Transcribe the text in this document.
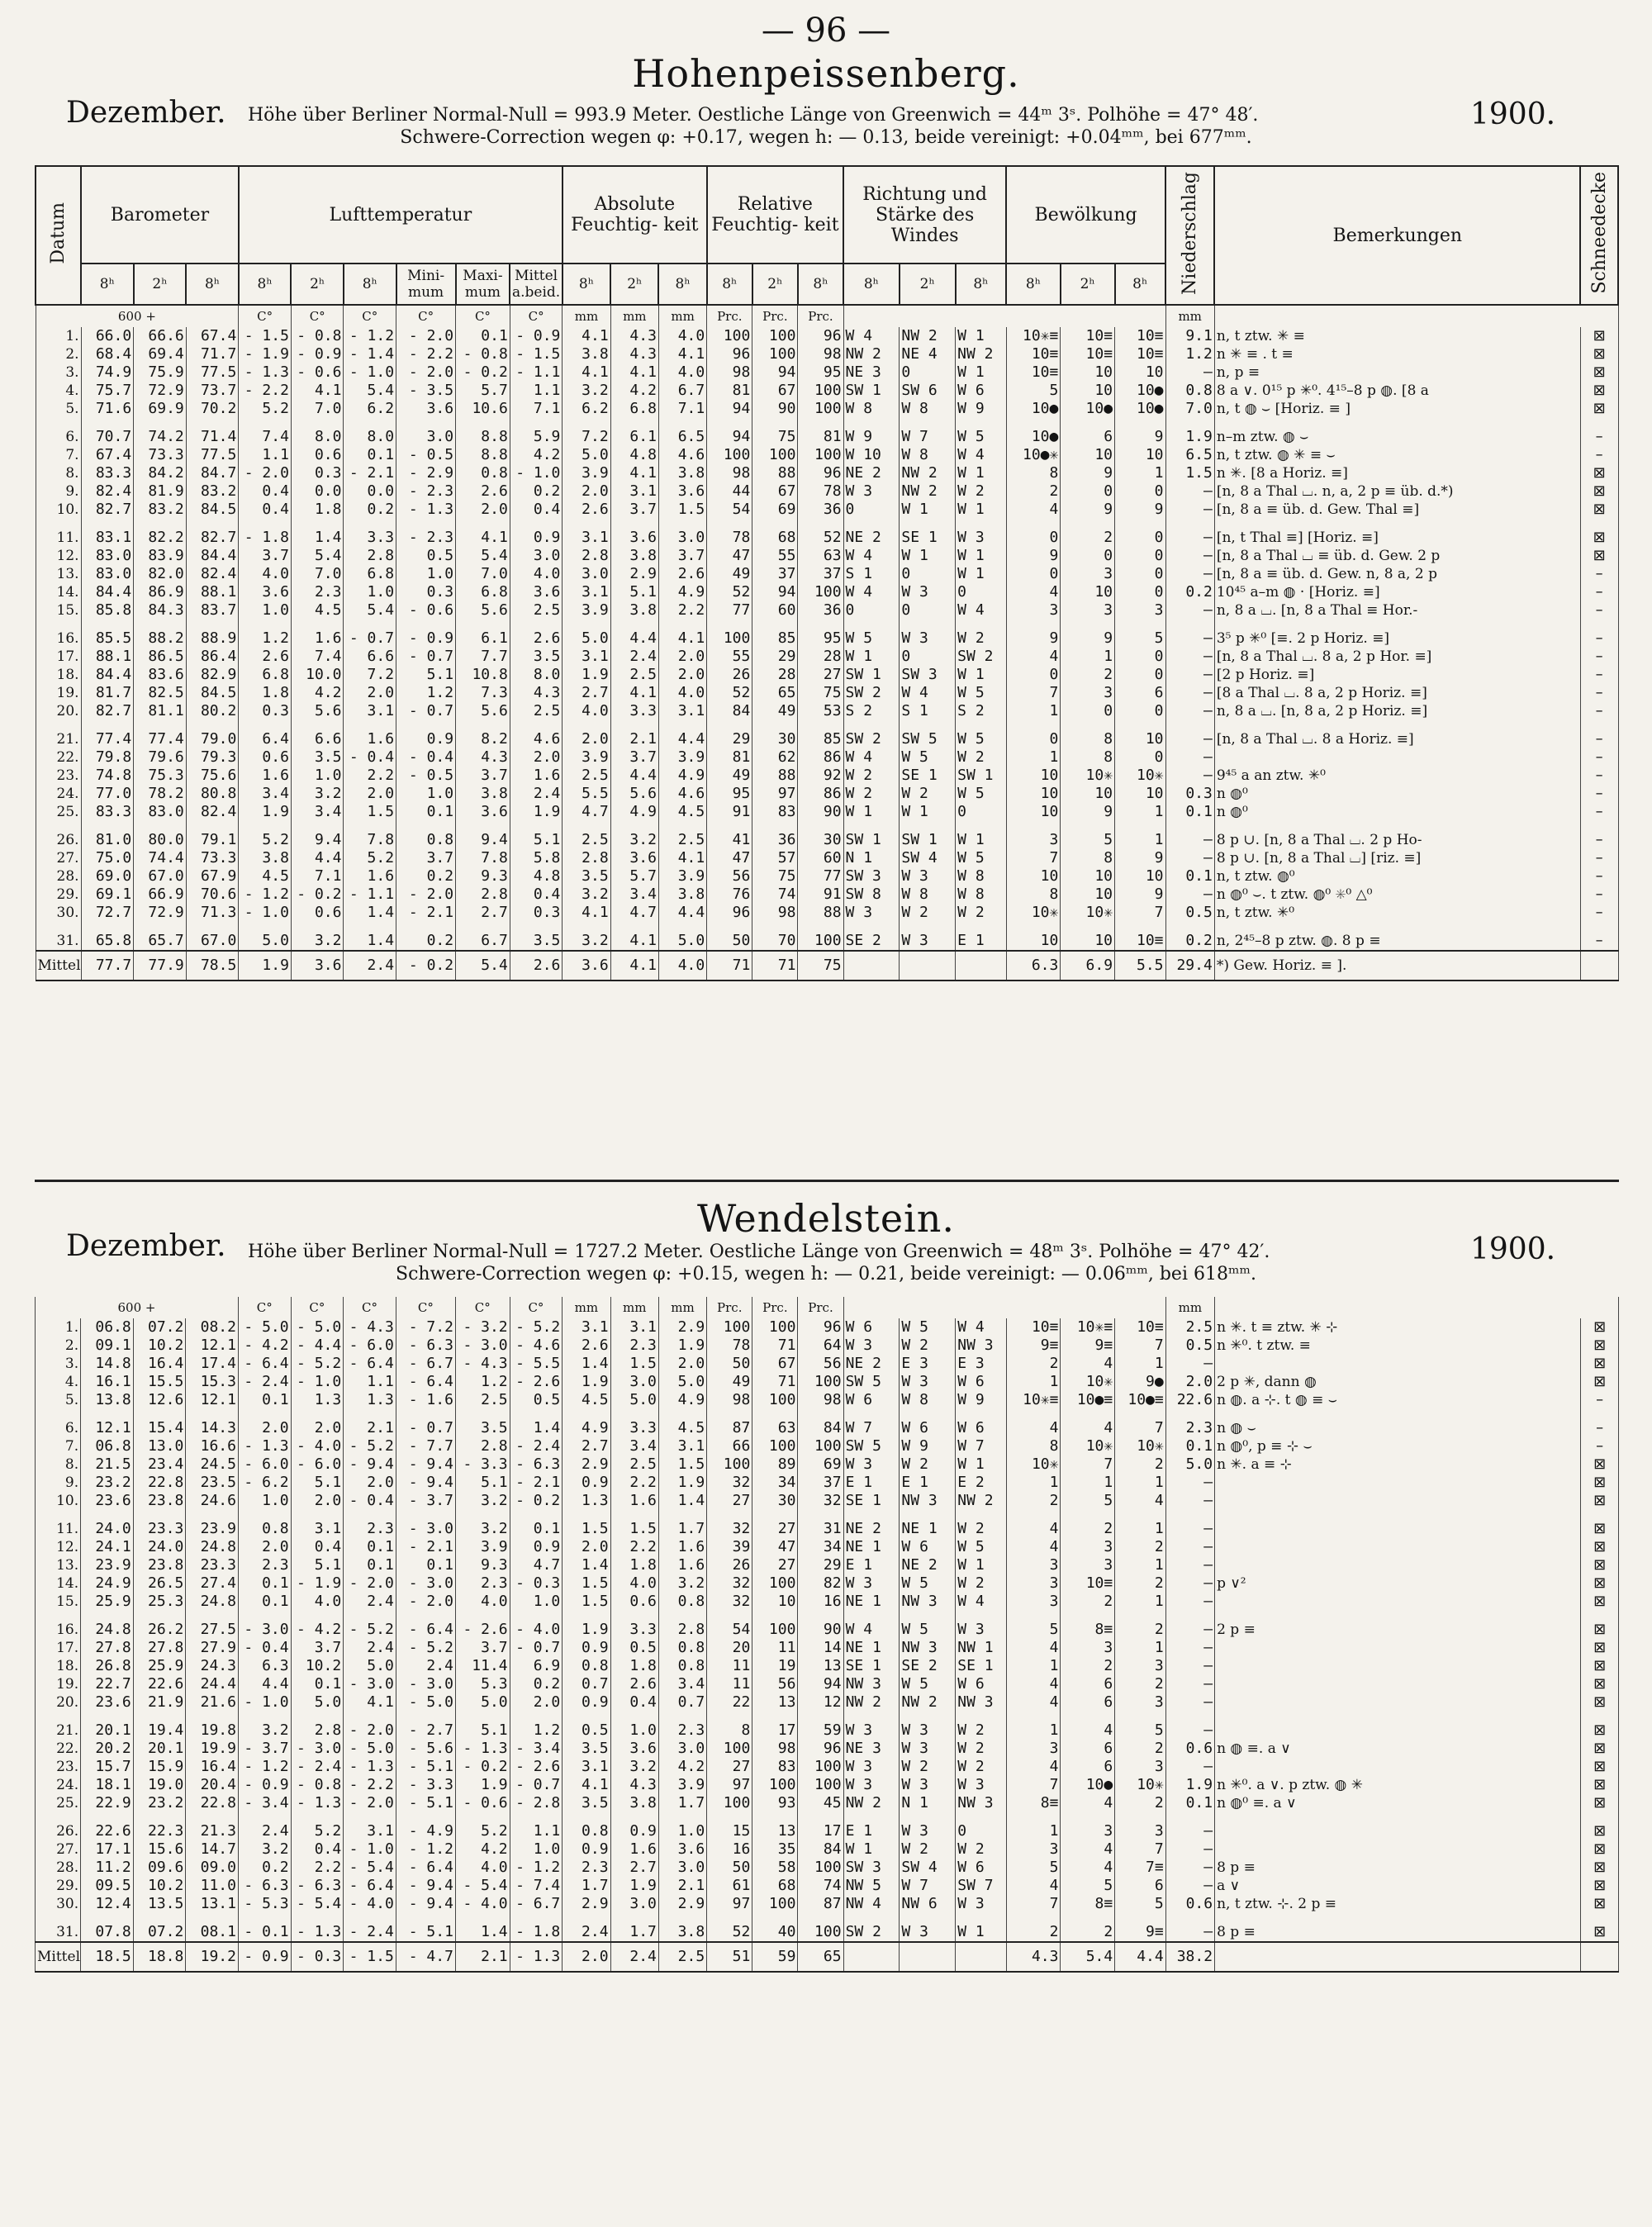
— 96 —
Hohenpeissenberg.
Dezember.	1900.
Höhe über Berliner Normal-Null = 993.9 Meter. Oestliche Länge von Greenwich = 44ᵐ 3ˢ. Polhöhe = 47° 48′.
Schwere-Correction wegen φ: +0.17, wegen h: — 0.13, beide vereinigt: +0.04ᵐᵐ, bei 677ᵐᵐ.
Datum	Barometer			Lufttemperatur						Absolute Feuchtig- keit			Relative Feuchtig- keit			Richtung und Stärke des Windes			Bewölkung			Niederschlag	Bemerkungen	Schneedecke
	8ʰ	2ʰ	8ʰ	8ʰ	2ʰ	8ʰ	Mini- mum	Maxi- mum	Mittel a.beid.	8ʰ	2ʰ	8ʰ	8ʰ	2ʰ	8ʰ	8ʰ	2ʰ	8ʰ	8ʰ	2ʰ	8ʰ			
600 +				C°	C°	C°	C°	C°	C°	mm	mm	mm	Prc.	Prc.	Prc.							mm		
1.	66.0	66.6	67.4	- 1.5	- 0.8	- 1.2	- 2.0	0.1	- 0.9	4.1	4.3	4.0	100	100	96	W 4	NW 2	W 1	10✳≡	10≡	10≡	9.1	n, t ztw. ✳ ≡	⊠
2.	68.4	69.4	71.7	- 1.9	- 0.9	- 1.4	- 2.2	- 0.8	- 1.5	3.8	4.3	4.1	96	100	98	NW 2	NE 4	NW 2	10≡	10≡	10≡	1.2	n ✳ ≡ . t ≡	⊠
3.	74.9	75.9	77.5	- 1.3	- 0.6	- 1.0	- 2.0	- 0.2	- 1.1	4.1	4.1	4.0	98	94	95	NE 3	0	W 1	10≡	10	10	–	n, p ≡	⊠
4.	75.7	72.9	73.7	- 2.2	4.1	5.4	- 3.5	5.7	1.1	3.2	4.2	6.7	81	67	100	SW 1	SW 6	W 6	5	10	10●	0.8	8 a ∨. 0¹⁵ p ✳⁰. 4¹⁵–8 p ◍. [8 a	⊠
5.	71.6	69.9	70.2	5.2	7.0	6.2	3.6	10.6	7.1	6.2	6.8	7.1	94	90	100	W 8	W 8	W 9	10●	10●	10●	7.0	n, t ◍ ⌣ [Horiz. ≡ ]	⊠

6.	70.7	74.2	71.4	7.4	8.0	8.0	3.0	8.8	5.9	7.2	6.1	6.5	94	75	81	W 9	W 7	W 5	10●	6	9	1.9	n–m ztw. ◍ ⌣	–
7.	67.4	73.3	77.5	1.1	0.6	0.1	- 0.5	8.8	4.2	5.0	4.8	4.6	100	100	100	W 10	W 8	W 4	10●✳	10	10	6.5	n, t ztw. ◍ ✳ ≡ ⌣	–
8.	83.3	84.2	84.7	- 2.0	0.3	- 2.1	- 2.9	0.8	- 1.0	3.9	4.1	3.8	98	88	96	NE 2	NW 2	W 1	8	9	1	1.5	n ✳. [8 a Horiz. ≡]	⊠
9.	82.4	81.9	83.2	0.4	0.0	0.0	- 2.3	2.6	0.2	2.0	3.1	3.6	44	67	78	W 3	NW 2	W 2	2	0	0	–	[n, 8 a Thal ⌴. n, a, 2 p ≡ üb. d.*)	⊠
10.	82.7	83.2	84.5	0.4	1.8	0.2	- 1.3	2.0	0.4	2.6	3.7	1.5	54	69	36	0	W 1	W 1	4	9	9	–	[n, 8 a ≡ üb. d. Gew. Thal ≡]	⊠

11.	83.1	82.2	82.7	- 1.8	1.4	3.3	- 2.3	4.1	0.9	3.1	3.6	3.0	78	68	52	NE 2	SE 1	W 3	0	2	0	–	[n, t Thal ≡] [Horiz. ≡]	⊠
12.	83.0	83.9	84.4	3.7	5.4	2.8	0.5	5.4	3.0	2.8	3.8	3.7	47	55	63	W 4	W 1	W 1	9	0	0	–	[n, 8 a Thal ⌴ ≡ üb. d. Gew. 2 p	⊠
13.	83.0	82.0	82.4	4.0	7.0	6.8	1.0	7.0	4.0	3.0	2.9	2.6	49	37	37	S 1	0	W 1	0	3	0	–	[n, 8 a ≡ üb. d. Gew. n, 8 a, 2 p	–
14.	84.4	86.9	88.1	3.6	2.3	1.0	0.3	6.8	3.6	3.1	5.1	4.9	52	94	100	W 4	W 3	0	4	10	0	0.2	10⁴⁵ a–m ◍ · [Horiz. ≡]	–
15.	85.8	84.3	83.7	1.0	4.5	5.4	- 0.6	5.6	2.5	3.9	3.8	2.2	77	60	36	0	0	W 4	3	3	3	–	n, 8 a ⌴. [n, 8 a Thal ≡ Hor.-	–

16.	85.5	88.2	88.9	1.2	1.6	- 0.7	- 0.9	6.1	2.6	5.0	4.4	4.1	100	85	95	W 5	W 3	W 2	9	9	5	–	3⁵ p ✳⁰ [≡. 2 p Horiz. ≡]	–
17.	88.1	86.5	86.4	2.6	7.4	6.6	- 0.7	7.7	3.5	3.1	2.4	2.0	55	29	28	W 1	0	SW 2	4	1	0	–	[n, 8 a Thal ⌴. 8 a, 2 p Hor. ≡]	–
18.	84.4	83.6	82.9	6.8	10.0	7.2	5.1	10.8	8.0	1.9	2.5	2.0	26	28	27	SW 1	SW 3	W 1	0	2	0	–	[2 p Horiz. ≡]	–
19.	81.7	82.5	84.5	1.8	4.2	2.0	1.2	7.3	4.3	2.7	4.1	4.0	52	65	75	SW 2	W 4	W 5	7	3	6	–	[8 a Thal ⌴. 8 a, 2 p Horiz. ≡]	–
20.	82.7	81.1	80.2	0.3	5.6	3.1	- 0.7	5.6	2.5	4.0	3.3	3.1	84	49	53	S 2	S 1	S 2	1	0	0	–	n, 8 a ⌴. [n, 8 a, 2 p Horiz. ≡]	–

21.	77.4	77.4	79.0	6.4	6.6	1.6	0.9	8.2	4.6	2.0	2.1	4.4	29	30	85	SW 2	SW 5	W 5	0	8	10	–	[n, 8 a Thal ⌴. 8 a Horiz. ≡]	–
22.	79.8	79.6	79.3	0.6	3.5	- 0.4	- 0.4	4.3	2.0	3.9	3.7	3.9	81	62	86	W 4	W 5	W 2	1	8	0	–		–
23.	74.8	75.3	75.6	1.6	1.0	2.2	- 0.5	3.7	1.6	2.5	4.4	4.9	49	88	92	W 2	SE 1	SW 1	10	10✳	10✳	–	9⁴⁵ a an ztw. ✳⁰	–
24.	77.0	78.2	80.8	3.4	3.2	2.0	1.0	3.8	2.4	5.5	5.6	4.6	95	97	86	W 2	W 2	W 5	10	10	10	0.3	n ◍⁰	–
25.	83.3	83.0	82.4	1.9	3.4	1.5	0.1	3.6	1.9	4.7	4.9	4.5	91	83	90	W 1	W 1	0	10	9	1	0.1	n ◍⁰	–

26.	81.0	80.0	79.1	5.2	9.4	7.8	0.8	9.4	5.1	2.5	3.2	2.5	41	36	30	SW 1	SW 1	W 1	3	5	1	–	8 p ∪. [n, 8 a Thal ⌴. 2 p Ho-	–
27.	75.0	74.4	73.3	3.8	4.4	5.2	3.7	7.8	5.8	2.8	3.6	4.1	47	57	60	N 1	SW 4	W 5	7	8	9	–	8 p ∪. [n, 8 a Thal ⌴] [riz. ≡]	–
28.	69.0	67.0	67.9	4.5	7.1	1.6	0.2	9.3	4.8	3.5	5.7	3.9	56	75	77	SW 3	W 3	W 8	10	10	10	0.1	n, t ztw. ◍⁰	–
29.	69.1	66.9	70.6	- 1.2	- 0.2	- 1.1	- 2.0	2.8	0.4	3.2	3.4	3.8	76	74	91	SW 8	W 8	W 8	8	10	9	–	n ◍⁰ ⌣. t ztw. ◍⁰ ✳⁰ △⁰	–
30.	72.7	72.9	71.3	- 1.0	0.6	1.4	- 2.1	2.7	0.3	4.1	4.7	4.4	96	98	88	W 3	W 2	W 2	10✳	10✳	7	0.5	n, t ztw. ✳⁰	–

31.	65.8	65.7	67.0	5.0	3.2	1.4	0.2	6.7	3.5	3.2	4.1	5.0	50	70	100	SE 2	W 3	E 1	10	10	10≡	0.2	n, 2⁴⁵–8 p ztw. ◍. 8 p ≡	–
Mittel	77.7	77.9	78.5	1.9	3.6	2.4	- 0.2	5.4	2.6	3.6	4.1	4.0	71	71	75				6.3	6.9	5.5	29.4	*) Gew. Horiz. ≡ ].	
Wendelstein.
Dezember.	1900.
Höhe über Berliner Normal-Null = 1727.2 Meter. Oestliche Länge von Greenwich = 48ᵐ 3ˢ. Polhöhe = 47° 42′.
Schwere-Correction wegen φ: +0.15, wegen h: — 0.21, beide vereinigt: — 0.06ᵐᵐ, bei 618ᵐᵐ.
600 +				C°	C°	C°	C°	C°	C°	mm	mm	mm	Prc.	Prc.	Prc.							mm		
1.	06.8	07.2	08.2	- 5.0	- 5.0	- 4.3	- 7.2	- 3.2	- 5.2	3.1	3.1	2.9	100	100	96	W 6	W 5	W 4	10≡	10✳≡	10≡	2.5	n ✳. t ≡ ztw. ✳ ⊹	⊠
2.	09.1	10.2	12.1	- 4.2	- 4.4	- 6.0	- 6.3	- 3.0	- 4.6	2.6	2.3	1.9	78	71	64	W 3	W 2	NW 3	9≡	9≡	7	0.5	n ✳⁰. t ztw. ≡	⊠
3.	14.8	16.4	17.4	- 6.4	- 5.2	- 6.4	- 6.7	- 4.3	- 5.5	1.4	1.5	2.0	50	67	56	NE 2	E 3	E 3	2	4	1	–		⊠
4.	16.1	15.5	15.3	- 2.4	- 1.0	1.1	- 6.4	1.2	- 2.6	1.9	3.0	5.0	49	71	100	SW 5	W 3	W 6	1	10✳	9●	2.0	2 p ✳, dann ◍	⊠
5.	13.8	12.6	12.1	0.1	1.3	1.3	- 1.6	2.5	0.5	4.5	5.0	4.9	98	100	98	W 6	W 8	W 9	10✳≡	10●≡	10●≡	22.6	n ◍. a ⊹. t ◍ ≡ ⌣	–

6.	12.1	15.4	14.3	2.0	2.0	2.1	- 0.7	3.5	1.4	4.9	3.3	4.5	87	63	84	W 7	W 6	W 6	4	4	7	2.3	n ◍ ⌣	–
7.	06.8	13.0	16.6	- 1.3	- 4.0	- 5.2	- 7.7	2.8	- 2.4	2.7	3.4	3.1	66	100	100	SW 5	W 9	W 7	8	10✳	10✳	0.1	n ◍⁰, p ≡ ⊹ ⌣	–
8.	21.5	23.4	24.5	- 6.0	- 6.0	- 9.4	- 9.4	- 3.3	- 6.3	2.9	2.5	1.5	100	89	69	W 3	W 2	W 1	10✳	7	2	5.0	n ✳. a ≡ ⊹	⊠
9.	23.2	22.8	23.5	- 6.2	5.1	2.0	- 9.4	5.1	- 2.1	0.9	2.2	1.9	32	34	37	E 1	E 1	E 2	1	1	1	–		⊠
10.	23.6	23.8	24.6	1.0	2.0	- 0.4	- 3.7	3.2	- 0.2	1.3	1.6	1.4	27	30	32	SE 1	NW 3	NW 2	2	5	4	–		⊠

11.	24.0	23.3	23.9	0.8	3.1	2.3	- 3.0	3.2	0.1	1.5	1.5	1.7	32	27	31	NE 2	NE 1	W 2	4	2	1	–		⊠
12.	24.1	24.0	24.8	2.0	0.4	0.1	- 2.1	3.9	0.9	2.0	2.2	1.6	39	47	34	NE 1	W 6	W 5	4	3	2	–		⊠
13.	23.9	23.8	23.3	2.3	5.1	0.1	0.1	9.3	4.7	1.4	1.8	1.6	26	27	29	E 1	NE 2	W 1	3	3	1	–		⊠
14.	24.9	26.5	27.4	0.1	- 1.9	- 2.0	- 3.0	2.3	- 0.3	1.5	4.0	3.2	32	100	82	W 3	W 5	W 2	3	10≡	2	–	p ∨²	⊠
15.	25.9	25.3	24.8	0.1	4.0	2.4	- 2.0	4.0	1.0	1.5	0.6	0.8	32	10	16	NE 1	NW 3	W 4	3	2	1	–		⊠

16.	24.8	26.2	27.5	- 3.0	- 4.2	- 5.2	- 6.4	- 2.6	- 4.0	1.9	3.3	2.8	54	100	90	W 4	W 5	W 3	5	8≡	2	–	2 p ≡	⊠
17.	27.8	27.8	27.9	- 0.4	3.7	2.4	- 5.2	3.7	- 0.7	0.9	0.5	0.8	20	11	14	NE 1	NW 3	NW 1	4	3	1	–		⊠
18.	26.8	25.9	24.3	6.3	10.2	5.0	2.4	11.4	6.9	0.8	1.8	0.8	11	19	13	SE 1	SE 2	SE 1	1	2	3	–		⊠
19.	22.7	22.6	24.4	4.4	0.1	- 3.0	- 3.0	5.3	0.2	0.7	2.6	3.4	11	56	94	NW 3	W 5	W 6	4	6	2	–		⊠
20.	23.6	21.9	21.6	- 1.0	5.0	4.1	- 5.0	5.0	2.0	0.9	0.4	0.7	22	13	12	NW 2	NW 2	NW 3	4	6	3	–		⊠

21.	20.1	19.4	19.8	3.2	2.8	- 2.0	- 2.7	5.1	1.2	0.5	1.0	2.3	8	17	59	W 3	W 3	W 2	1	4	5	–		⊠
22.	20.2	20.1	19.9	- 3.7	- 3.0	- 5.0	- 5.6	- 1.3	- 3.4	3.5	3.6	3.0	100	98	96	NE 3	W 3	W 2	3	6	2	0.6	n ◍ ≡. a ∨	⊠
23.	15.7	15.9	16.4	- 1.2	- 2.4	- 1.3	- 5.1	- 0.2	- 2.6	3.1	3.2	4.2	27	83	100	W 3	W 2	W 2	4	6	3	–		⊠
24.	18.1	19.0	20.4	- 0.9	- 0.8	- 2.2	- 3.3	1.9	- 0.7	4.1	4.3	3.9	97	100	100	W 3	W 3	W 3	7	10●	10✳	1.9	n ✳⁰. a ∨. p ztw. ◍ ✳	⊠
25.	22.9	23.2	22.8	- 3.4	- 1.3	- 2.0	- 5.1	- 0.6	- 2.8	3.5	3.8	1.7	100	93	45	NW 2	N 1	NW 3	8≡	4	2	0.1	n ◍⁰ ≡. a ∨	⊠

26.	22.6	22.3	21.3	2.4	5.2	3.1	- 4.9	5.2	1.1	0.8	0.9	1.0	15	13	17	E 1	W 3	0	1	3	3	–		⊠
27.	17.1	15.6	14.7	3.2	0.4	- 1.0	- 1.2	4.2	1.0	0.9	1.6	3.6	16	35	84	W 1	W 2	W 2	3	4	7	–		⊠
28.	11.2	09.6	09.0	0.2	2.2	- 5.4	- 6.4	4.0	- 1.2	2.3	2.7	3.0	50	58	100	SW 3	SW 4	W 6	5	4	7≡	–	8 p ≡	⊠
29.	09.5	10.2	11.0	- 6.3	- 6.3	- 6.4	- 9.4	- 5.4	- 7.4	1.7	1.9	2.1	61	68	74	NW 5	W 7	SW 7	4	5	6	–	a ∨	⊠
30.	12.4	13.5	13.1	- 5.3	- 5.4	- 4.0	- 9.4	- 4.0	- 6.7	2.9	3.0	2.9	97	100	87	NW 4	NW 6	W 3	7	8≡	5	0.6	n, t ztw. ⊹. 2 p ≡	⊠

31.	07.8	07.2	08.1	- 0.1	- 1.3	- 2.4	- 5.1	1.4	- 1.8	2.4	1.7	3.8	52	40	100	SW 2	W 3	W 1	2	2	9≡	–	8 p ≡	⊠
Mittel	18.5	18.8	19.2	- 0.9	- 0.3	- 1.5	- 4.7	2.1	- 1.3	2.0	2.4	2.5	51	59	65				4.3	5.4	4.4	38.2		
